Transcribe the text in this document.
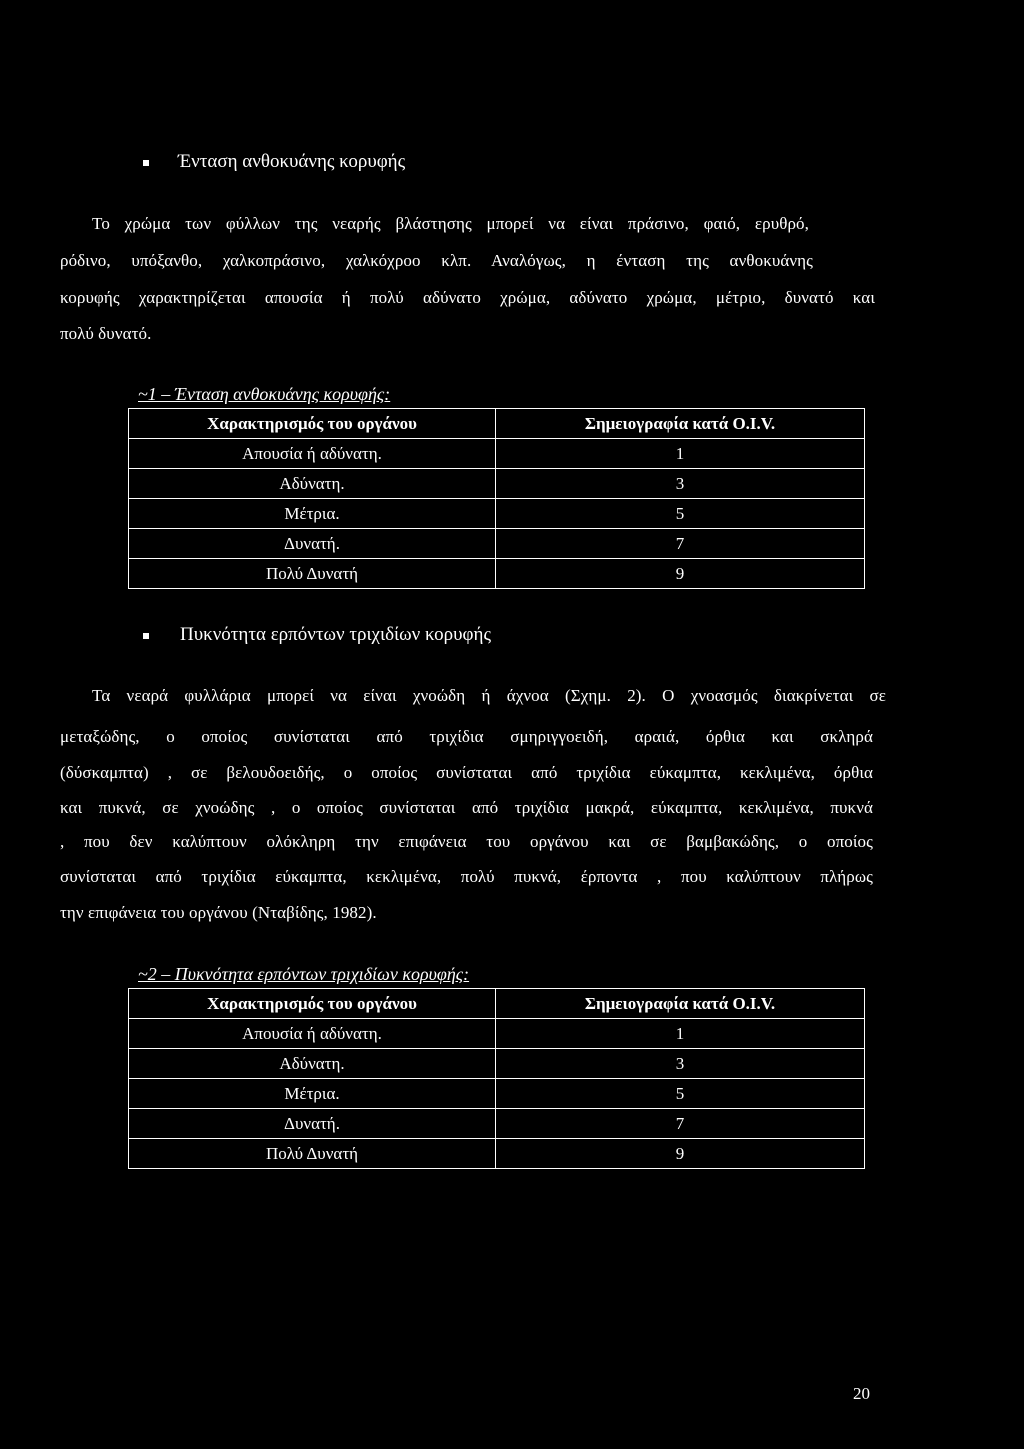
Ένταση ανθοκυάνης κορυφής
Το χρώμα των φύλλων της νεαρής βλάστησης μπορεί να είναι πράσινο, φαιό, ερυθρό,
ρόδινο, υπόξανθο, χαλκοπράσινο, χαλκόχροο κλπ. Αναλόγως, η ένταση της ανθοκυάνης
κορυφής χαρακτηρίζεται απουσία ή πολύ αδύνατο χρώμα, αδύνατο χρώμα, μέτριο, δυνατό και
πολύ δυνατό.
~1 – Ένταση ανθοκυάνης κορυφής:
Χαρακτηρισμός του οργάνου	Σημειογραφία κατά Ο.Ι.V.
Απουσία ή αδύνατη.	1
Αδύνατη.	3
Μέτρια.	5
Δυνατή.	7
Πολύ Δυνατή	9
Πυκνότητα ερπόντων τριχιδίων κορυφής
Τα νεαρά φυλλάρια μπορεί να είναι χνοώδη ή άχνοα (Σχημ. 2). Ο χνοασμός διακρίνεται σε
μεταξώδης, ο οποίος συνίσταται από τριχίδια σμηριγγοειδή, αραιά, όρθια και σκληρά
(δύσκαμπτα) , σε βελουδοειδής, ο οποίος συνίσταται από τριχίδια εύκαμπτα, κεκλιμένα, όρθια
και πυκνά, σε χνοώδης , ο οποίος συνίσταται από τριχίδια μακρά, εύκαμπτα, κεκλιμένα, πυκνά
, που δεν καλύπτουν ολόκληρη την επιφάνεια του οργάνου και σε βαμβακώδης, ο οποίος
συνίσταται από τριχίδια εύκαμπτα, κεκλιμένα, πολύ πυκνά, έρποντα , που καλύπτουν πλήρως
την επιφάνεια του οργάνου (Νταβίδης, 1982).
~2 – Πυκνότητα ερπόντων τριχιδίων κορυφής:
Χαρακτηρισμός του οργάνου	Σημειογραφία κατά Ο.Ι.V.
Απουσία ή αδύνατη.	1
Αδύνατη.	3
Μέτρια.	5
Δυνατή.	7
Πολύ Δυνατή	9
20
